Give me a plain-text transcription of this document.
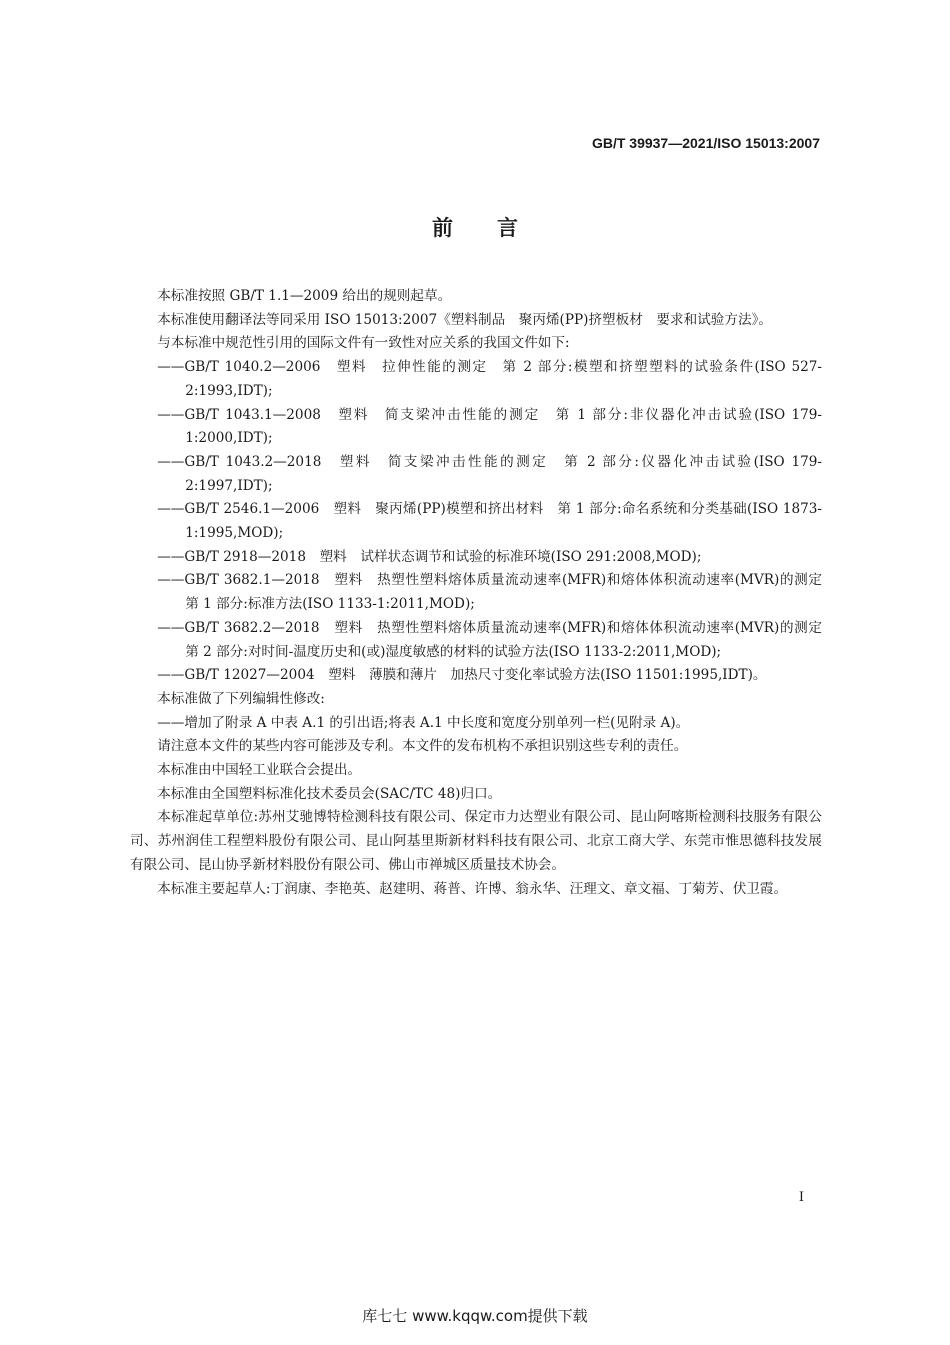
GB/T 39937—2021/ISO 15013:2007
前言
本标准按照 GB/T 1.1—2009 给出的规则起草。
本标准使用翻译法等同采用 ISO 15013:2007《塑料制品　聚丙烯(PP)挤塑板材　要求和试验方法》。
与本标准中规范性引用的国际文件有一致性对应关系的我国文件如下:
——GB/T 1040.2—2006　塑料　拉伸性能的测定　第 2 部分:模塑和挤塑塑料的试验条件(ISO 527-2:1993,IDT);
——GB/T 1043.1—2008　塑料　简支梁冲击性能的测定　第 1 部分:非仪器化冲击试验(ISO 179-1:2000,IDT);
——GB/T 1043.2—2018　塑料　简支梁冲击性能的测定　第 2 部分:仪器化冲击试验(ISO 179-2:1997,IDT);
——GB/T 2546.1—2006　塑料　聚丙烯(PP)模塑和挤出材料　第 1 部分:命名系统和分类基础(ISO 1873-1:1995,MOD);
——GB/T 2918—2018　塑料　试样状态调节和试验的标准环境(ISO 291:2008,MOD);
——GB/T 3682.1—2018　塑料　热塑性塑料熔体质量流动速率(MFR)和熔体体积流动速率(MVR)的测定　第 1 部分:标准方法(ISO 1133-1:2011,MOD);
——GB/T 3682.2—2018　塑料　热塑性塑料熔体质量流动速率(MFR)和熔体体积流动速率(MVR)的测定　第 2 部分:对时间-温度历史和(或)湿度敏感的材料的试验方法(ISO 1133-2:2011,MOD);
——GB/T 12027—2004　塑料　薄膜和薄片　加热尺寸变化率试验方法(ISO 11501:1995,IDT)。
本标准做了下列编辑性修改:
——增加了附录 A 中表 A.1 的引出语;将表 A.1 中长度和宽度分别单列一栏(见附录 A)。
请注意本文件的某些内容可能涉及专利。本文件的发布机构不承担识别这些专利的责任。
本标准由中国轻工业联合会提出。
本标准由全国塑料标准化技术委员会(SAC/TC 48)归口。
本标准起草单位:苏州艾驰博特检测科技有限公司、保定市力达塑业有限公司、昆山阿喀斯检测科技服务有限公司、苏州润佳工程塑料股份有限公司、昆山阿基里斯新材料科技有限公司、北京工商大学、东莞市惟思德科技发展有限公司、昆山协孚新材料股份有限公司、佛山市禅城区质量技术协会。
本标准主要起草人:丁润康、李艳英、赵建明、蒋普、许博、翁永华、汪理文、章文福、丁菊芳、伏卫霞。
I
库七七 www.kqqw.com提供下载
